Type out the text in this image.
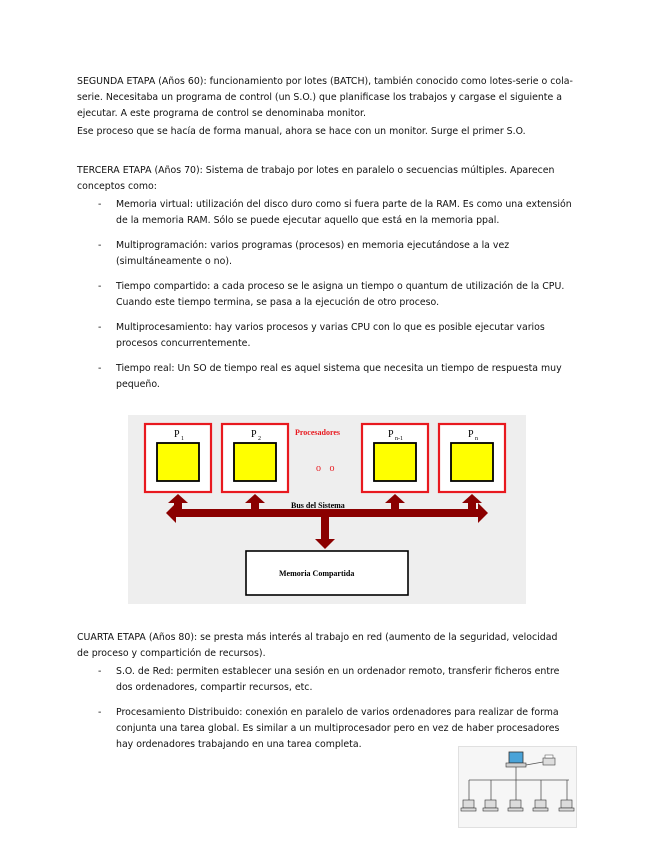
SEGUNDA ETAPA (Años 60): funcionamiento por lotes (BATCH), también conocido como lotes-serie o cola-
serie. Necesitaba un programa de control (un S.O.) que planificase los trabajos y cargase el siguiente a
ejecutar. A este programa de control se denominaba monitor.
Ese proceso que se hacía de forma manual, ahora se hace con un monitor. Surge el primer S.O.
TERCERA ETAPA (Años 70): Sistema de trabajo por lotes en paralelo o secuencias múltiples. Aparecen
conceptos como:
- Memoria virtual: utilización del disco duro como si fuera parte de la RAM. Es como una extensión
de la memoria RAM. Sólo se puede ejecutar aquello que está en la memoria ppal.
- Multiprogramación: varios programas (procesos) en memoria ejecutándose a la vez
(simultáneamente o no).
- Tiempo compartido: a cada proceso se le asigna un tiempo o quantum de utilización de la CPU.
Cuando este tiempo termina, se pasa a la ejecución de otro proceso.
- Multiprocesamiento: hay varios procesos y varias CPU con lo que es posible ejecutar varios
procesos concurrentemente.
- Tiempo real: Un SO de tiempo real es aquel sistema que necesita un tiempo de respuesta muy
pequeño.
P 1	P 2	P n-1	P n
Procesadores
o o
Bus del Sistema
Memoria Compartida
CUARTA ETAPA (Años 80): se presta más interés al trabajo en red (aumento de la seguridad, velocidad
de proceso y compartición de recursos).
- S.O. de Red: permiten establecer una sesión en un ordenador remoto, transferir ficheros entre
dos ordenadores, compartir recursos, etc.
- Procesamiento Distribuido: conexión en paralelo de varios ordenadores para realizar de forma
conjunta una tarea global. Es similar a un multiprocesador pero en vez de haber procesadores
hay ordenadores trabajando en una tarea completa.
